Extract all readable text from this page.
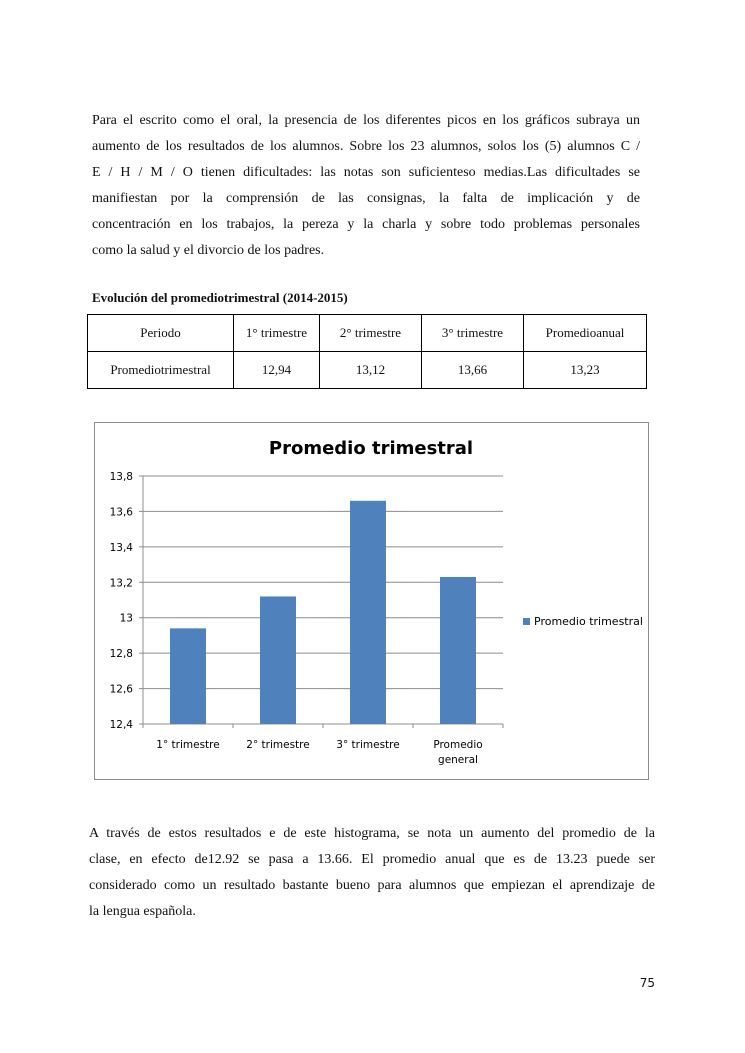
Para el escrito como el oral, la presencia de los diferentes picos en los gráficos subraya un
aumento de los resultados de los alumnos. Sobre los 23 alumnos, solos los (5) alumnos C /
E / H / M / O tienen dificultades: las notas son suficienteso medias.Las dificultades se
manifiestan por la comprensión de las consignas, la falta de implicación y de
concentración en los trabajos, la pereza y la charla y sobre todo problemas personales
como la salud y el divorcio de los padres.

Evolución del promediotrimestral (2014-2015)

Periodo	1° trimestre	2° trimestre	3° trimestre	Promedioanual
Promediotrimestral	12,94	13,12	13,66	13,23
Promedio trimestral
12,4
12,6
12,8
13
13,2
13,4
13,6
13,8
1° trimestre	2° trimestre	3° trimestre	Promedio
general
Promedio trimestral
A través de estos resultados e de este histograma, se nota un aumento del promedio de la
clase, en efecto de12.92 se pasa a 13.66. El promedio anual que es de 13.23 puede ser
considerado como un resultado bastante bueno para alumnos que empiezan el aprendizaje de
la lengua española.

75
